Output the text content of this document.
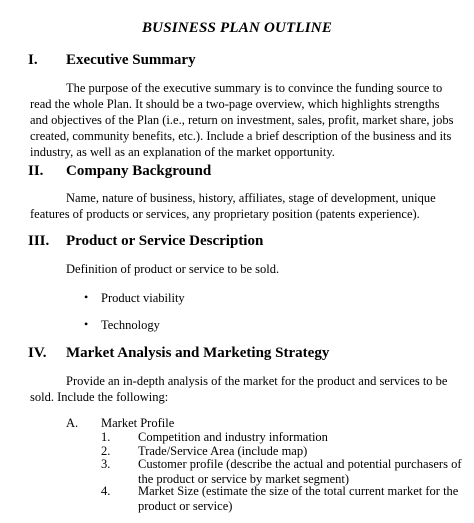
BUSINESS PLAN OUTLINE
I. Executive Summary
The purpose of the executive summary is to convince the funding source to read the whole Plan. It should be a two-page overview, which highlights strengths and objectives of the Plan (i.e., return on investment, sales, profit, market share, jobs created, community benefits, etc.). Include a brief description of the business and its industry, as well as an explanation of the market opportunity.
II. Company Background
Name, nature of business, history, affiliates, stage of development, unique features of products or services, any proprietary position (patents experience).
III. Product or Service Description
Definition of product or service to be sold.
• Product viability
• Technology
IV. Market Analysis and Marketing Strategy
Provide an in-depth analysis of the market for the product and services to be sold. Include the following:
A. Market Profile
1. Competition and industry information
2. Trade/Service Area (include map)
3. Customer profile (describe the actual and potential purchasers of the product or service by market segment)
4. Market Size (estimate the size of the total current market for the product or service)
